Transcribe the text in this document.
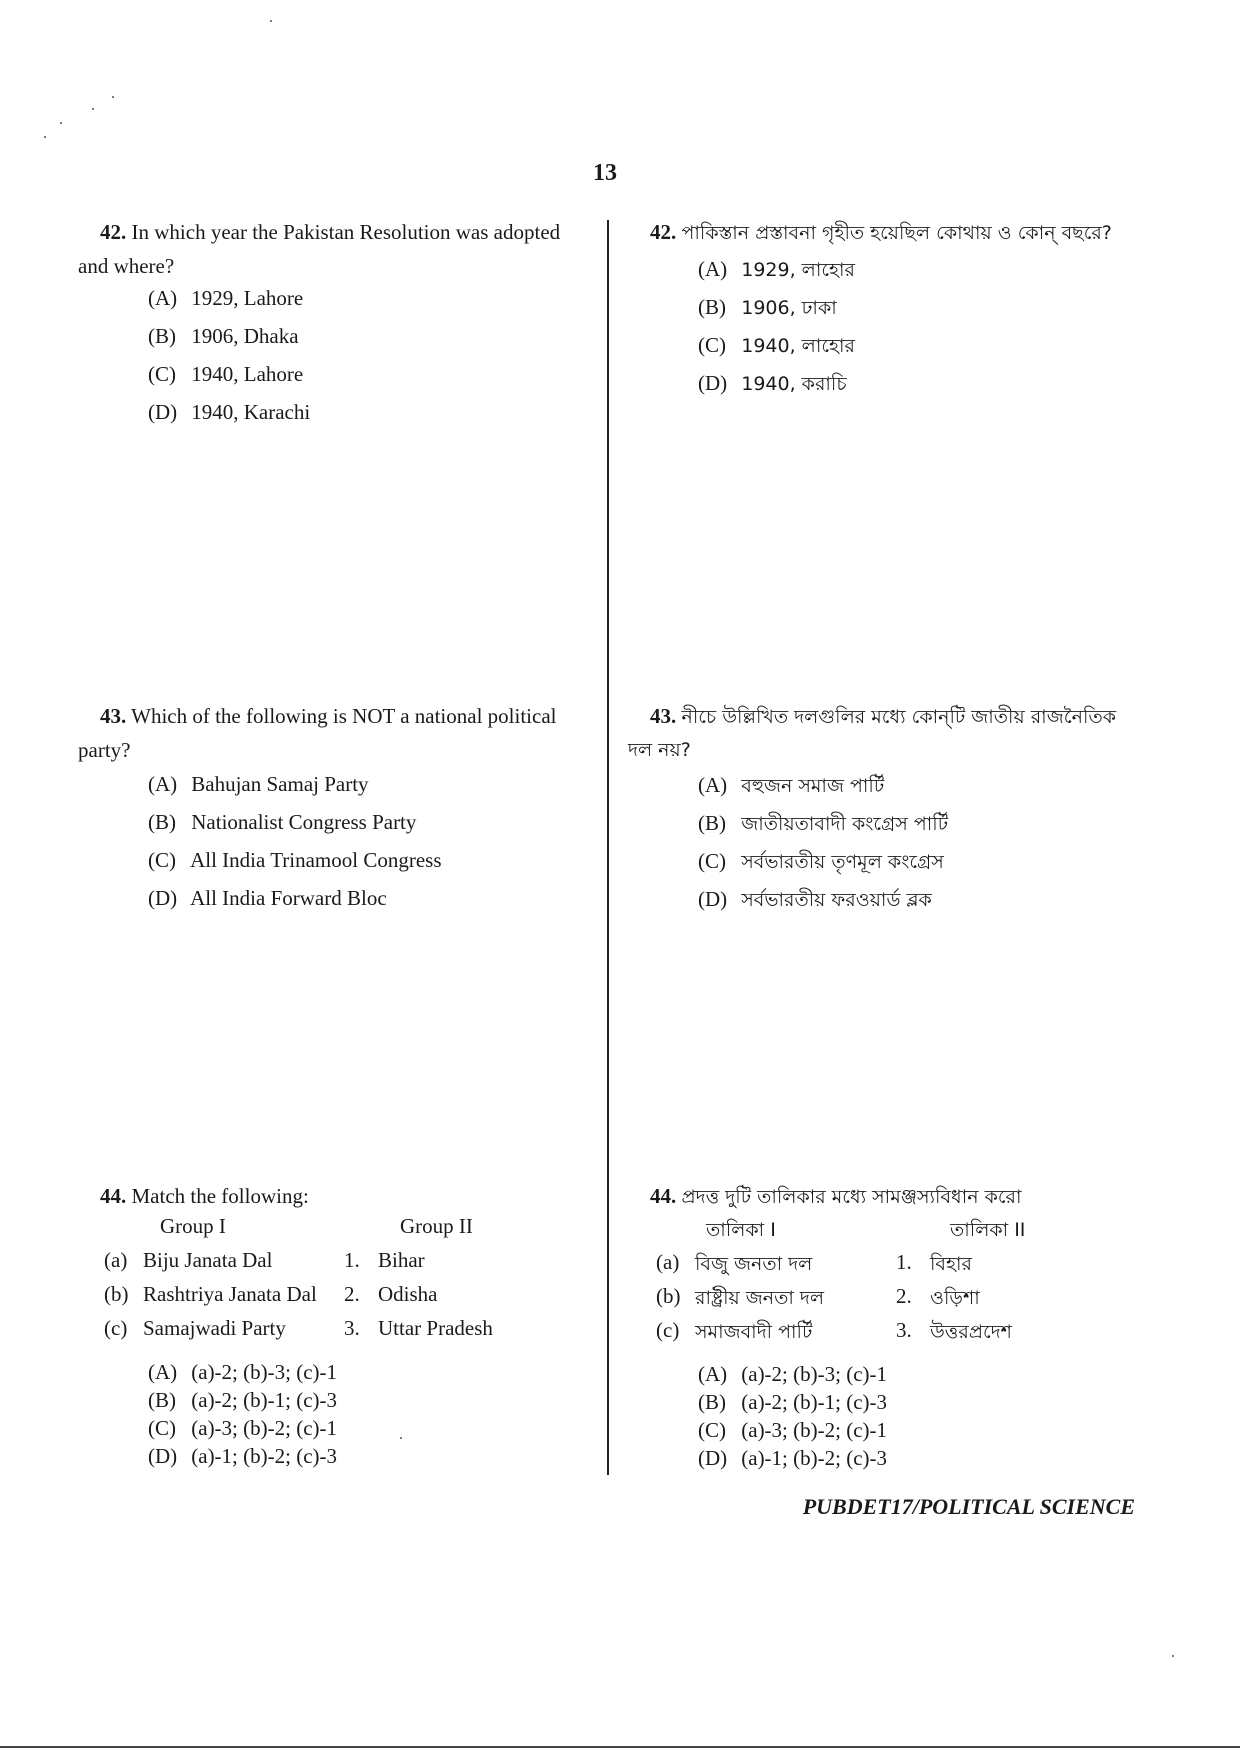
13
42. In which year the Pakistan Resolution was adopted
and where?
(A) 1929, Lahore
(B) 1906, Dhaka
(C) 1940, Lahore
(D) 1940, Karachi
42. পাকিস্তান প্রস্তাবনা গৃহীত হয়েছিল কোথায় ও কোন্ বছরে?
(A) 1929, লাহোর
(B) 1906, ঢাকা
(C) 1940, লাহোর
(D) 1940, করাচি
43. Which of the following is NOT a national political
party?
(A) Bahujan Samaj Party
(B) Nationalist Congress Party
(C) All India Trinamool Congress
(D) All India Forward Bloc
43. নীচে উল্লিখিত দলগুলির মধ্যে কোন্‌টি জাতীয় রাজনৈতিক
দল নয়?
(A) বহুজন সমাজ পার্টি
(B) জাতীয়তাবাদী কংগ্রেস পার্টি
(C) সর্বভারতীয় তৃণমূল কংগ্রেস
(D) সর্বভারতীয় ফরওয়ার্ড ব্লক
44. Match the following:
Group I	Group II
(a) Biju Janata Dal	1. Bihar
(b) Rashtriya Janata Dal 2. Odisha
(c) Samajwadi Party	3. Uttar Pradesh
(A) (a)-2; (b)-3; (c)-1
(B) (a)-2; (b)-1; (c)-3
(C) (a)-3; (b)-2; (c)-1
(D) (a)-1; (b)-2; (c)-3
44. প্রদত্ত দুটি তালিকার মধ্যে সামঞ্জস্যবিধান করো
তালিকা I	তালিকা II
(a) বিজু জনতা দল	1. বিহার
(b) রাষ্ট্রীয় জনতা দল	2. ওড়িশা
(c) সমাজবাদী পার্টি	3. উত্তরপ্রদেশ
(A) (a)-2; (b)-3; (c)-1
(B) (a)-2; (b)-1; (c)-3
(C) (a)-3; (b)-2; (c)-1
(D) (a)-1; (b)-2; (c)-3
PUBDET17/POLITICAL SCIENCE
